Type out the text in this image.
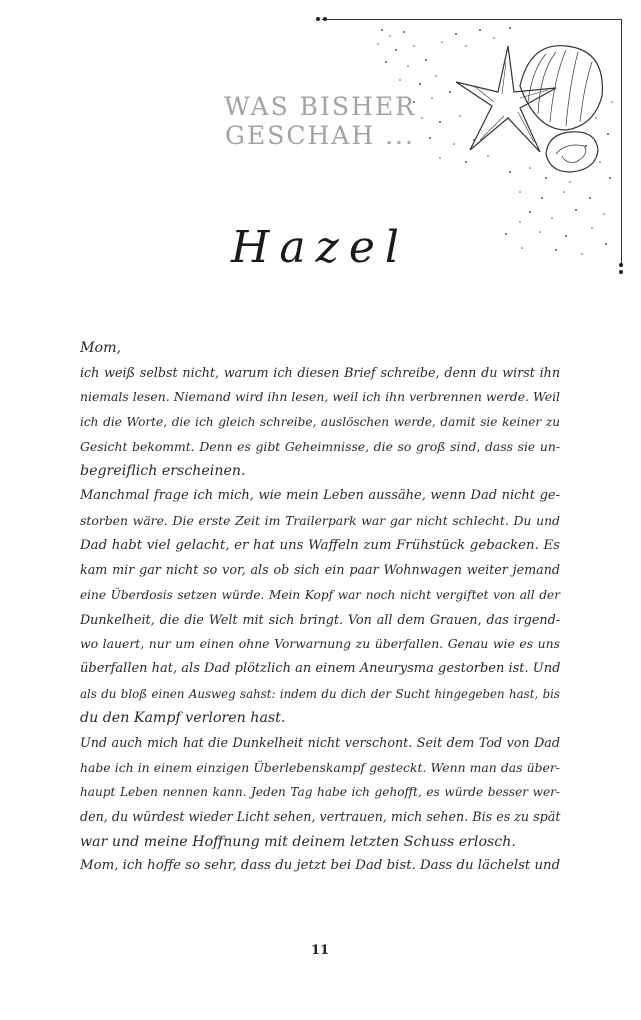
WAS BISHER
GESCHAH ...
Hazel
Mom,
ich weiß selbst nicht, warum ich diesen Brief schreibe, denn du wirst ihn
niemals lesen. Niemand wird ihn lesen, weil ich ihn verbrennen werde. Weil
ich die Worte, die ich gleich schreibe, auslöschen werde, damit sie keiner zu
Gesicht bekommt. Denn es gibt Geheimnisse, die so groß sind, dass sie un-
begreiflich erscheinen.
Manchmal frage ich mich, wie mein Leben aussähe, wenn Dad nicht ge-
storben wäre. Die erste Zeit im Trailerpark war gar nicht schlecht. Du und
Dad habt viel gelacht, er hat uns Waffeln zum Frühstück gebacken. Es
kam mir gar nicht so vor, als ob sich ein paar Wohnwagen weiter jemand
eine Überdosis setzen würde. Mein Kopf war noch nicht vergiftet von all der
Dunkelheit, die die Welt mit sich bringt. Von all dem Grauen, das irgend-
wo lauert, nur um einen ohne Vorwarnung zu überfallen. Genau wie es uns
überfallen hat, als Dad plötzlich an einem Aneurysma gestorben ist. Und
als du bloß einen Ausweg sahst: indem du dich der Sucht hingegeben hast, bis
du den Kampf verloren hast.
Und auch mich hat die Dunkelheit nicht verschont. Seit dem Tod von Dad
habe ich in einem einzigen Überlebenskampf gesteckt. Wenn man das über-
haupt Leben nennen kann. Jeden Tag habe ich gehofft, es würde besser wer-
den, du würdest wieder Licht sehen, vertrauen, mich sehen. Bis es zu spät
war und meine Hoffnung mit deinem letzten Schuss erlosch.
Mom, ich hoffe so sehr, dass du jetzt bei Dad bist. Dass du lächelst und
11
